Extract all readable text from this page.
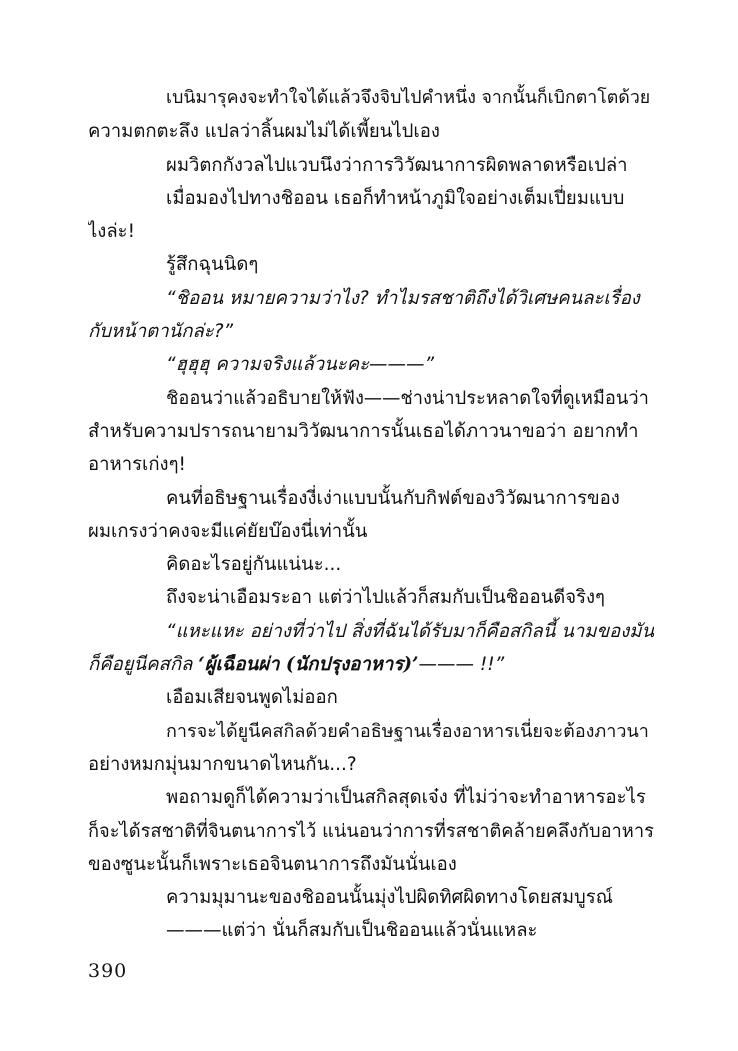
เบนิมารุคงจะทำใจได้แล้วจึงจิบไปคำหนึ่ง จากนั้นก็เบิกตาโตด้วย
ความตกตะลึง แปลว่าลิ้นผมไม่ได้เพี้ยนไปเอง
ผมวิตกกังวลไปแวบนึงว่าการวิวัฒนาการผิดพลาดหรือเปล่า
เมื่อมองไปทางชิออน เธอก็ทำหน้าภูมิใจอย่างเต็มเปี่ยมแบบ
ไงล่ะ!
รู้สึกฉุนนิดๆ
“ชิออน หมายความว่าไง? ทำไมรสชาติถึงได้วิเศษคนละเรื่อง
กับหน้าตานักล่ะ?”
“ฮุฮุฮุ ความจริงแล้วนะคะ———”
ชิออนว่าแล้วอธิบายให้ฟัง——ช่างน่าประหลาดใจที่ดูเหมือนว่า
สำหรับความปรารถนายามวิวัฒนาการนั้นเธอได้ภาวนาขอว่า อยากทำ
อาหารเก่งๆ!
คนที่อธิษฐานเรื่องงี่เง่าแบบนั้นกับกิฟต์ของวิวัฒนาการของ
ผมเกรงว่าคงจะมีแค่ยัยบ๊องนี่เท่านั้น
คิดอะไรอยู่กันแน่นะ...
ถึงจะน่าเอือมระอา แต่ว่าไปแล้วก็สมกับเป็นชิออนดีจริงๆ
“แหะแหะ อย่างที่ว่าไป สิ่งที่ฉันได้รับมาก็คือสกิลนี้ นามของมัน
ก็คือยูนีคสกิล ‘ผู้เฉือนผ่า (นักปรุงอาหาร)’——— !!”
เอือมเสียจนพูดไม่ออก
การจะได้ยูนีคสกิลด้วยคำอธิษฐานเรื่องอาหารเนี่ยจะต้องภาวนา
อย่างหมกมุ่นมากขนาดไหนกัน...?
พอถามดูก็ได้ความว่าเป็นสกิลสุดเจ๋ง ที่ไม่ว่าจะทำอาหารอะไร
ก็จะได้รสชาติที่จินตนาการไว้ แน่นอนว่าการที่รสชาติคล้ายคลึงกับอาหาร
ของซูนะนั้นก็เพราะเธอจินตนาการถึงมันนั่นเอง
ความมุมานะของชิออนนั้นมุ่งไปผิดทิศผิดทางโดยสมบูรณ์
———แต่ว่า นั่นก็สมกับเป็นชิออนแล้วนั่นแหละ
390
